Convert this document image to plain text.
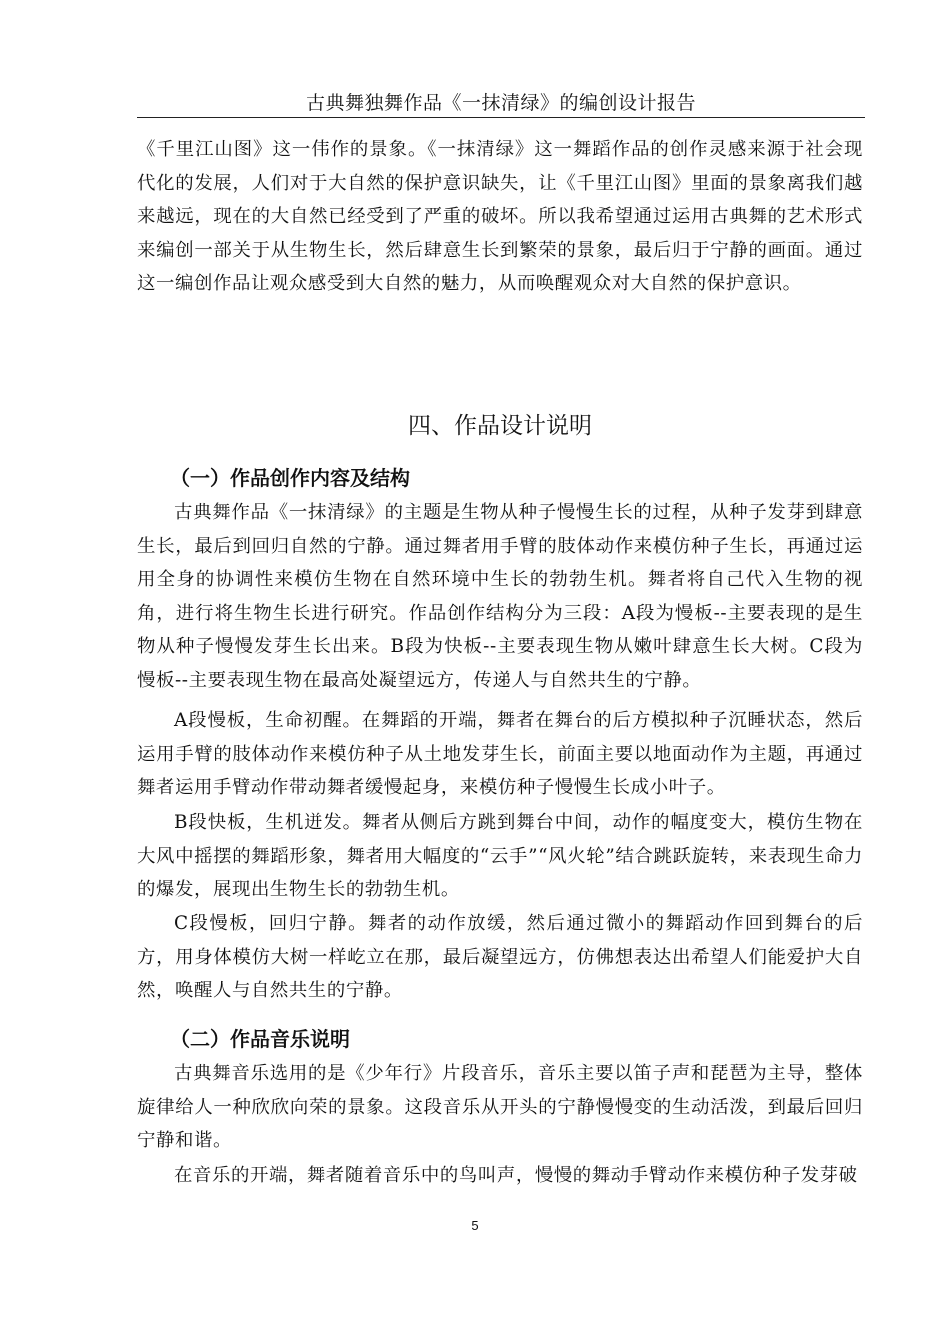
古典舞独舞作品《一抹清绿》的编创设计报告

《千里江山图》这一伟作的景象。《一抹清绿》这一舞蹈作品的创作灵感来源于社会现代化的发展，人们对于大自然的保护意识缺失，让《千里江山图》里面的景象离我们越来越远，现在的大自然已经受到了严重的破坏。所以我希望通过运用古典舞的艺术形式来编创一部关于从生物生长，然后肆意生长到繁荣的景象，最后归于宁静的画面。通过这一编创作品让观众感受到大自然的魅力，从而唤醒观众对大自然的保护意识。

四、作品设计说明
（一）作品创作内容及结构

古典舞作品《一抹清绿》的主题是生物从种子慢慢生长的过程，从种子发芽到肆意生长，最后到回归自然的宁静。通过舞者用手臂的肢体动作来模仿种子生长，再通过运用全身的协调性来模仿生物在自然环境中生长的勃勃生机。舞者将自己代入生物的视角，进行将生物生长进行研究。作品创作结构分为三段：A段为慢板--主要表现的是生物从种子慢慢发芽生长出来。B段为快板--主要表现生物从嫩叶肆意生长大树。C段为慢板--主要表现生物在最高处凝望远方，传递人与自然共生的宁静。

A段慢板，生命初醒。在舞蹈的开端，舞者在舞台的后方模拟种子沉睡状态，然后运用手臂的肢体动作来模仿种子从土地发芽生长，前面主要以地面动作为主题，再通过舞者运用手臂动作带动舞者缓慢起身，来模仿种子慢慢生长成小叶子。

B段快板，生机迸发。舞者从侧后方跳到舞台中间，动作的幅度变大，模仿生物在大风中摇摆的舞蹈形象，舞者用大幅度的“云手”“风火轮”结合跳跃旋转，来表现生命力的爆发，展现出生物生长的勃勃生机。

C段慢板，回归宁静。舞者的动作放缓，然后通过微小的舞蹈动作回到舞台的后方，用身体模仿大树一样屹立在那，最后凝望远方，仿佛想表达出希望人们能爱护大自然，唤醒人与自然共生的宁静。

（二）作品音乐说明

古典舞音乐选用的是《少年行》片段音乐，音乐主要以笛子声和琵琶为主导，整体旋律给人一种欣欣向荣的景象。这段音乐从开头的宁静慢慢变的生动活泼，到最后回归宁静和谐。

在音乐的开端，舞者随着音乐中的鸟叫声，慢慢的舞动手臂动作来模仿种子发芽破

5
